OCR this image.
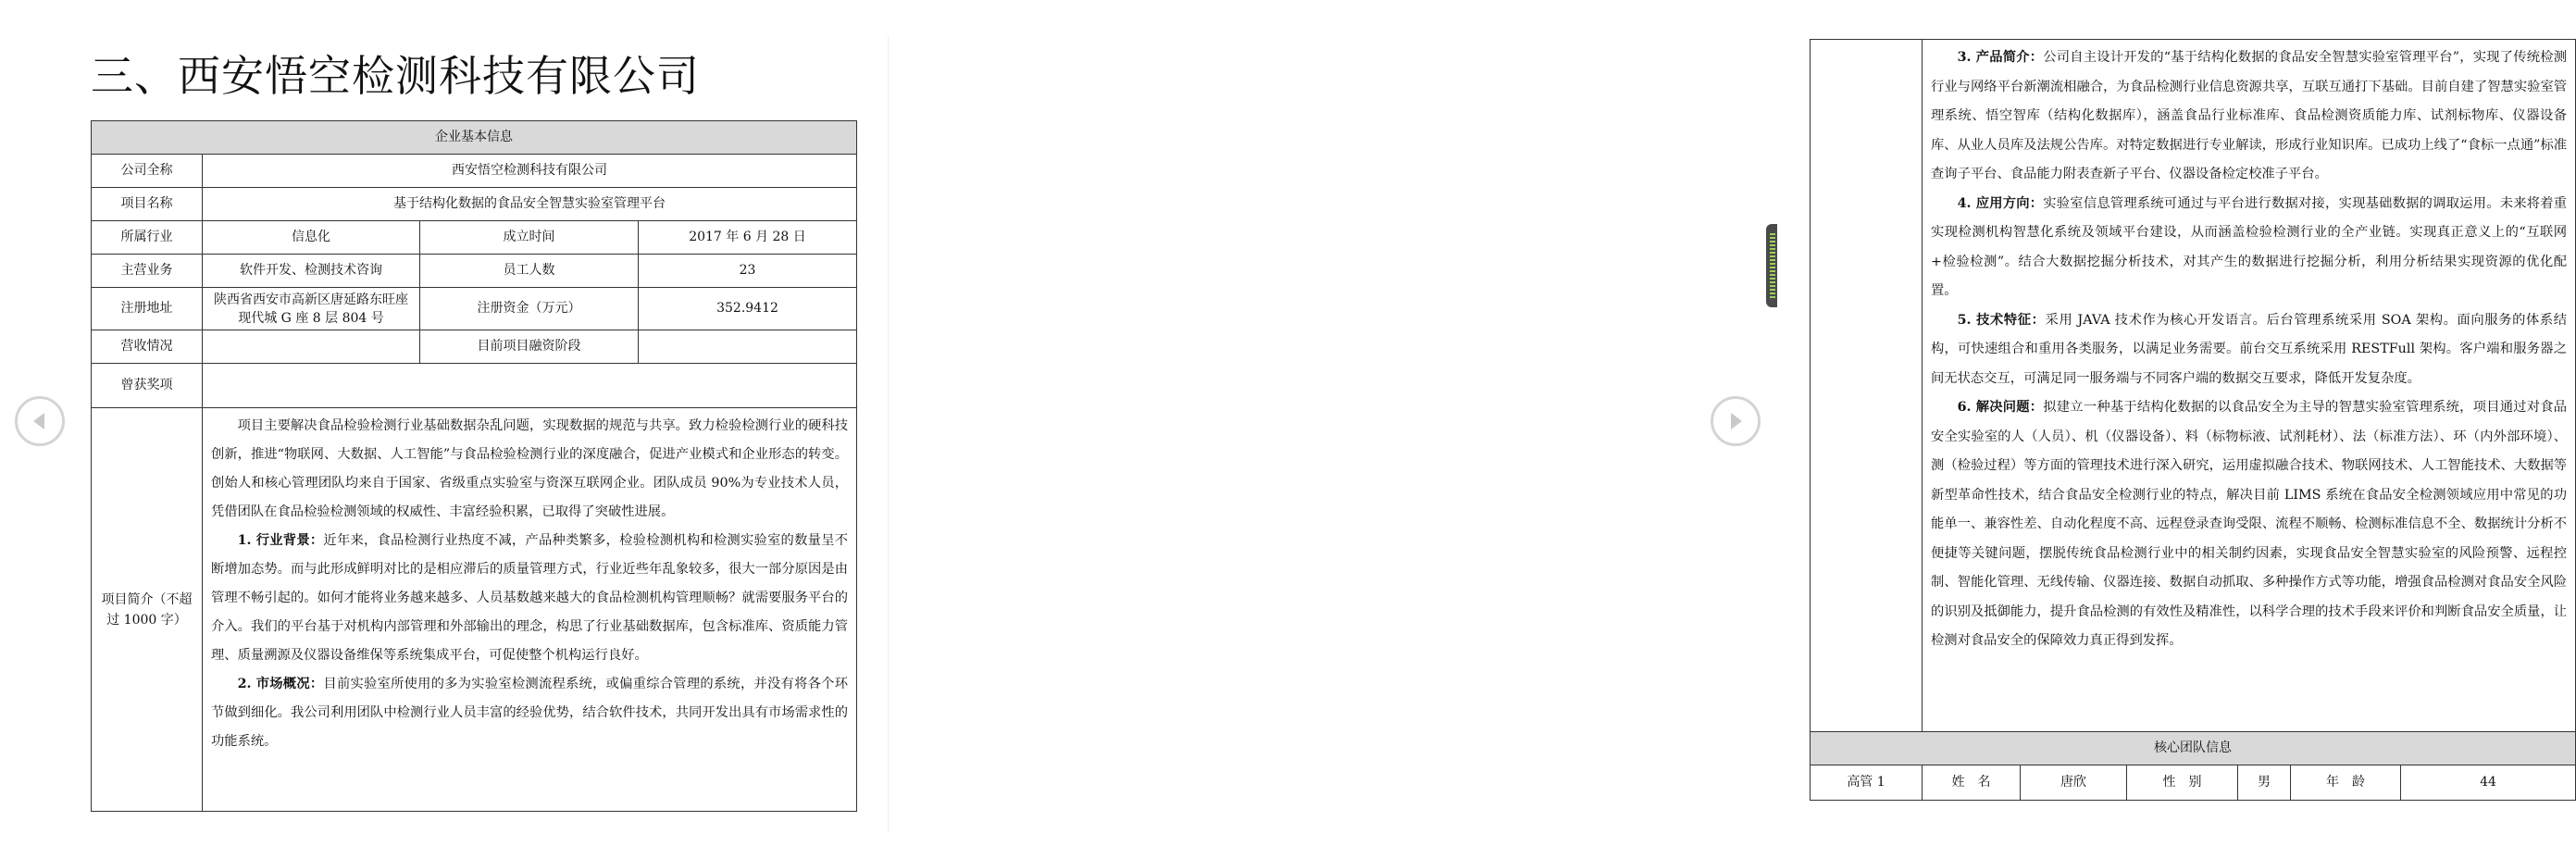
三、西安悟空检测科技有限公司
企业基本信息			
公司全称	西安悟空检测科技有限公司		
项目名称	基于结构化数据的食品安全智慧实验室管理平台		
所属行业	信息化	成立时间	2017 年 6 月 28 日
主营业务	软件开发、检测技术咨询	员工人数	23
注册地址	陕西省西安市高新区唐延路东旺座现代城 G 座 8 层 804 号	注册资金（万元）	352.9412
营收情况		目前项目融资阶段	
曾获奖项			
项目简介（不超过 1000 字）	项目主要解决食品检验检测行业基础数据杂乱问题，实现数据的规范与共享。致力检验检测行业的硬科技创新，推进“物联网、大数据、人工智能”与食品检验检测行业的深度融合，促进产业模式和企业形态的转变。创始人和核心管理团队均来自于国家、省级重点实验室与资深互联网企业。团队成员 90%为专业技术人员，凭借团队在食品检验检测领域的权威性、丰富经验积累，已取得了突破性进展。

1. 行业背景：近年来，食品检测行业热度不减，产品种类繁多，检验检测机构和检测实验室的数量呈不断增加态势。而与此形成鲜明对比的是相应滞后的质量管理方式，行业近些年乱象较多，很大一部分原因是由管理不畅引起的。如何才能将业务越来越多、人员基数越来越大的食品检测机构管理顺畅？就需要服务平台的介入。我们的平台基于对机构内部管理和外部输出的理念，构思了行业基础数据库，包含标准库、资质能力管理、质量溯源及仪器设备维保等系统集成平台，可促使整个机构运行良好。

2. 市场概况：目前实验室所使用的多为实验室检测流程系统，或偏重综合管理的系统，并没有将各个环节做到细化。我公司利用团队中检测行业人员丰富的经验优势，结合软件技术，共同开发出具有市场需求性的功能系统。		

	3. 产品简介：公司自主设计开发的“基于结构化数据的食品安全智慧实验室管理平台”，实现了传统检测行业与网络平台新潮流相融合，为食品检测行业信息资源共享，互联互通打下基础。目前自建了智慧实验室管理系统、悟空智库（结构化数据库），涵盖食品行业标准库、食品检测资质能力库、试剂标物库、仪器设备库、从业人员库及法规公告库。对特定数据进行专业解读，形成行业知识库。已成功上线了“食标一点通”标准查询子平台、食品能力附表查新子平台、仪器设备检定校准子平台。

4. 应用方向：实验室信息管理系统可通过与平台进行数据对接，实现基础数据的调取运用。未来将着重实现检测机构智慧化系统及领域平台建设，从而涵盖检验检测行业的全产业链。实现真正意义上的“互联网+检验检测”。结合大数据挖掘分析技术，对其产生的数据进行挖掘分析，利用分析结果实现资源的优化配置。

5. 技术特征：采用 JAVA 技术作为核心开发语言。后台管理系统采用 SOA 架构。面向服务的体系结构，可快速组合和重用各类服务，以满足业务需要。前台交互系统采用 RESTFull 架构。客户端和服务器之间无状态交互，可满足同一服务端与不同客户端的数据交互要求，降低开发复杂度。

6. 解决问题：拟建立一种基于结构化数据的以食品安全为主导的智慧实验室管理系统，项目通过对食品安全实验室的人（人员）、机（仪器设备）、料（标物标液、试剂耗材）、法（标准方法）、环（内外部环境）、测（检验过程）等方面的管理技术进行深入研究，运用虚拟融合技术、物联网技术、人工智能技术、大数据等新型革命性技术，结合食品安全检测行业的特点，解决目前 LIMS 系统在食品安全检测领域应用中常见的功能单一、兼容性差、自动化程度不高、远程登录查询受限、流程不顺畅、检测标准信息不全、数据统计分析不便捷等关键问题，摆脱传统食品检测行业中的相关制约因素，实现食品安全智慧实验室的风险预警、远程控制、智能化管理、无线传输、仪器连接、数据自动抓取、多种操作方式等功能，增强食品检测对食品安全风险的识别及抵御能力，提升食品检测的有效性及精准性，以科学合理的技术手段来评价和判断食品安全质量，让检测对食品安全的保障效力真正得到发挥。					

核心团队信息						
高管 1	姓　名	唐欣	性　别	男	年　龄	44
